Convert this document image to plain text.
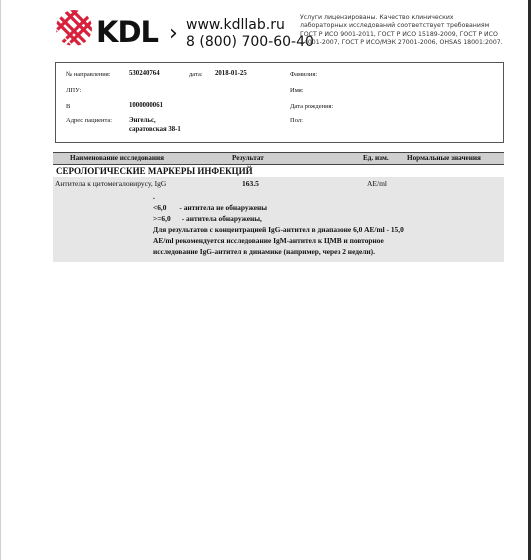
KDL › www.kdllab.ru
8 (800) 700-60-40
Услуги лицензированы. Качество клинических
лабораторных исследований соответствует требованиям
ГОСТ Р ИСО 9001-2011, ГОСТ Р ИСО 15189-2009, ГОСТ Р ИСО
14001-2007, ГОСТ Р ИСО/МЭК 27001-2006, OHSAS 18001:2007.
№ направления:	530240764	дата: 2018-01-25	Фамилия:
ЛПУ:	Имя:
В	1000000061	Дата рождения:
Адрес пациента: Энгельс,
саратовская 38-1
Пол:
Наименование исследования	Результат	Ед. изм.	Нормальные значения
СЕРОЛОГИЧЕСКИЕ МАРКЕРЫ ИНФЕКЦИЙ
Антитела к цитомегаловирусу, IgG	163.5	AE/ml
.
<6,0       - антитела не обнаружены
>=6,0      - антитела обнаружены,
Для результатов с концентрацией IgG-антител в диапазоне 6,0 AE/ml - 15,0
AE/ml рекомендуется исследование IgM-антител к ЦМВ и повторное
исследование IgG-антител в динамике (например, через 2 недели).
